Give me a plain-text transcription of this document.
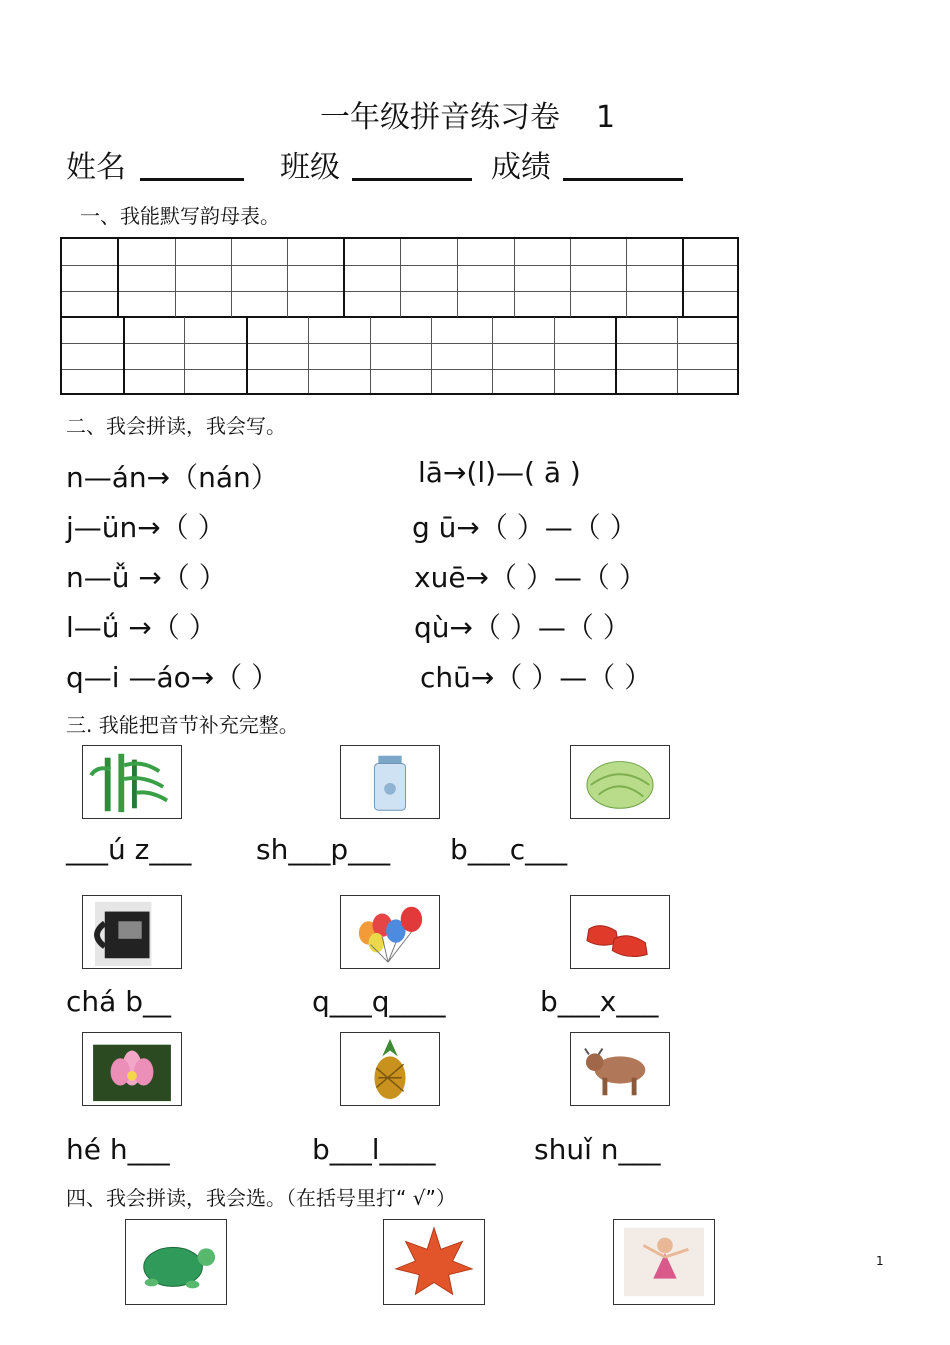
一年级拼音练习卷 1
姓名	班级	成绩
一、我能默写韵母表。
二、我会拼读，我会写。
n—án→（nán）
j—ün→（ ）
n—ǚ →（ ）
l—ǘ →（ ）
q—i —áo→（ ）
lā→(l)—( ā )
g ū→（ ）—（ ）
xuē→（ ）—（ ）
qù→（ ）—（ ）
chū→（ ）—（ ）
三. 我能把音节补充完整。
___ú z___ sh___p___ b___c___
chá b__	q___q____	b___x___
hé h___	b___l____	shuǐ n___
四、我会拼读，我会选。（在括号里打“ √”）
1
